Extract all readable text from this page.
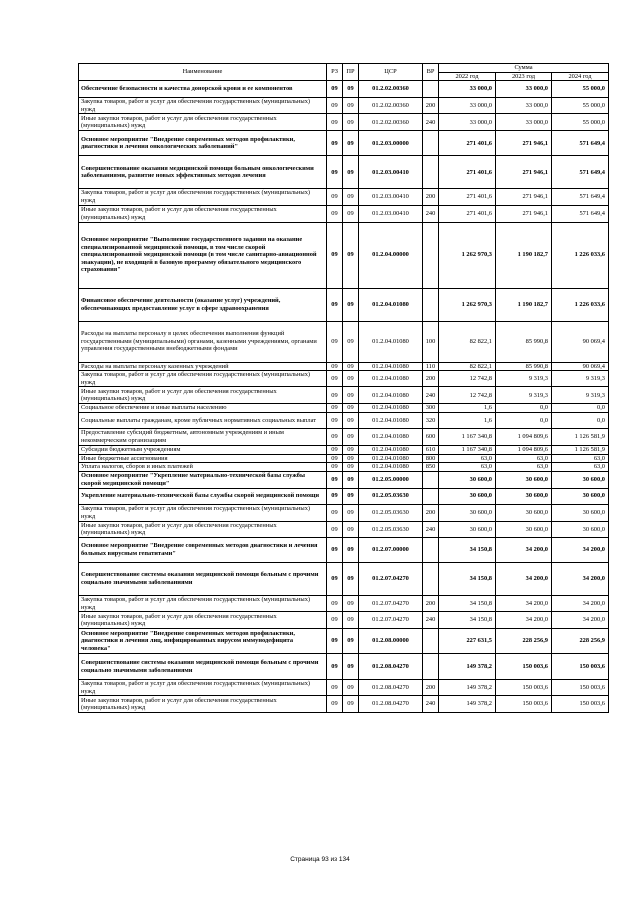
Наименование	РЗ	ПР	ЦСР	ВР	Сумма		
					2022 год	2023 год	2024 год
Обеспечение безопасности и качества донорской крови и ее компонентов	09	09	01.2.02.00360		33 000,0	33 000,0	55 000,0
Закупка товаров, работ и услуг для обеспечения государственных (муниципальных) нужд	09	09	01.2.02.00360	200	33 000,0	33 000,0	55 000,0
Иные закупки товаров, работ и услуг для обеспечения государственных (муниципальных) нужд	09	09	01.2.02.00360	240	33 000,0	33 000,0	55 000,0
Основное мероприятие "Внедрение современных методов профилактики, диагностики и лечения онкологических заболеваний"	09	09	01.2.03.00000		271 401,6	271 946,1	571 649,4
Совершенствование оказания медицинской помощи больным онкологическими заболеваниями, развитие новых эффективных методов лечения	09	09	01.2.03.00410		271 401,6	271 946,1	571 649,4
Закупка товаров, работ и услуг для обеспечения государственных (муниципальных) нужд	09	09	01.2.03.00410	200	271 401,6	271 946,1	571 649,4
Иные закупки товаров, работ и услуг для обеспечения государственных (муниципальных) нужд	09	09	01.2.03.00410	240	271 401,6	271 946,1	571 649,4
Основное мероприятие "Выполнение государственного задания на оказание специализированной медицинской помощи, в том числе скорой специализированной медицинской помощи (в том числе санитарно-авиационной эвакуации), не входящей в базовую программу обязательного медицинского страхования"	09	09	01.2.04.00000		1 262 970,3	1 190 182,7	1 226 033,6
Финансовое обеспечение деятельности (оказание услуг) учреждений, обеспечивающих предоставление услуг в сфере здравоохранения	09	09	01.2.04.01080		1 262 970,3	1 190 182,7	1 226 033,6
Расходы на выплаты персоналу в целях обеспечения выполнения функций государственными (муниципальными) органами, казенными учреждениями, органами управления государственными внебюджетными фондами	09	09	01.2.04.01080	100	82 822,1	85 990,8	90 069,4
Расходы на выплаты персоналу казенных учреждений	09	09	01.2.04.01080	110	82 822,1	85 990,8	90 069,4
Закупка товаров, работ и услуг для обеспечения государственных (муниципальных) нужд	09	09	01.2.04.01080	200	12 742,8	9 319,3	9 319,3
Иные закупки товаров, работ и услуг для обеспечения государственных (муниципальных) нужд	09	09	01.2.04.01080	240	12 742,8	9 319,3	9 319,3
Социальное обеспечение и иные выплаты населению	09	09	01.2.04.01080	300	1,6	0,0	0,0
Социальные выплаты гражданам, кроме публичных нормативных социальных выплат	09	09	01.2.04.01080	320	1,6	0,0	0,0
Предоставление субсидий бюджетным, автономным учреждениям и иным некоммерческим организациям	09	09	01.2.04.01080	600	1 167 340,8	1 094 809,6	1 126 581,9
Субсидии бюджетным учреждениям	09	09	01.2.04.01080	610	1 167 340,8	1 094 809,6	1 126 581,9
Иные бюджетные ассигнования	09	09	01.2.04.01080	800	63,0	63,0	63,0
Уплата налогов, сборов и иных платежей	09	09	01.2.04.01080	850	63,0	63,0	63,0
Основное мероприятие "Укрепление материально-технической базы службы скорой медицинской помощи"	09	09	01.2.05.00000		30 600,0	30 600,0	30 600,0
Укрепление материально-технической базы службы скорой медицинской помощи	09	09	01.2.05.03630		30 600,0	30 600,0	30 600,0
Закупка товаров, работ и услуг для обеспечения государственных (муниципальных) нужд	09	09	01.2.05.03630	200	30 600,0	30 600,0	30 600,0
Иные закупки товаров, работ и услуг для обеспечения государственных (муниципальных) нужд	09	09	01.2.05.03630	240	30 600,0	30 600,0	30 600,0
Основное мероприятие "Внедрение современных методов диагностики и лечения больных вирусным гепатитами"	09	09	01.2.07.00000		34 150,8	34 200,0	34 200,0
Совершенствование системы оказания медицинской помощи больным с прочими социально значимыми заболеваниями	09	09	01.2.07.04270		34 150,8	34 200,0	34 200,0
Закупка товаров, работ и услуг для обеспечения государственных (муниципальных) нужд	09	09	01.2.07.04270	200	34 150,8	34 200,0	34 200,0
Иные закупки товаров, работ и услуг для обеспечения государственных (муниципальных) нужд	09	09	01.2.07.04270	240	34 150,8	34 200,0	34 200,0
Основное мероприятие "Внедрение современных методов профилактики, диагностики и лечения лиц, инфицированных вирусом иммунодефицита человека"	09	09	01.2.08.00000		227 631,5	228 256,9	228 256,9
Совершенствование системы оказания медицинской помощи больным с прочими социально значимыми заболеваниями	09	09	01.2.08.04270		149 378,2	150 003,6	150 003,6
Закупка товаров, работ и услуг для обеспечения государственных (муниципальных) нужд	09	09	01.2.08.04270	200	149 378,2	150 003,6	150 003,6
Иные закупки товаров, работ и услуг для обеспечения государственных (муниципальных) нужд	09	09	01.2.08.04270	240	149 378,2	150 003,6	150 003,6
Страница 93 из 134
